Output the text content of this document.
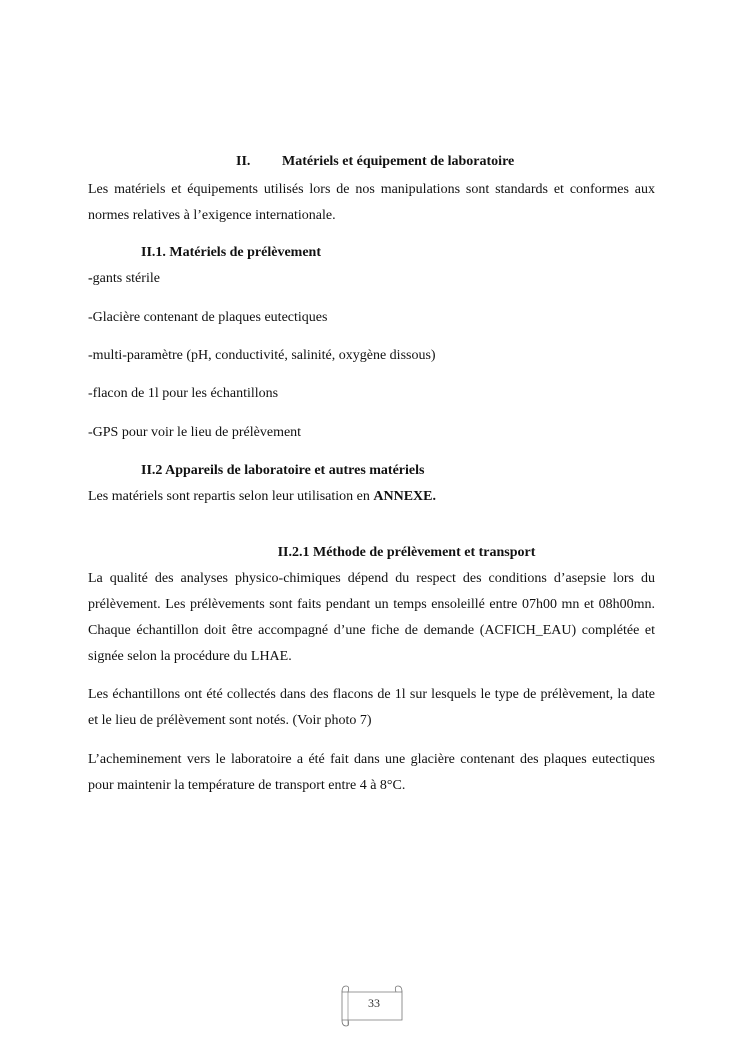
II. Matériels et équipement de laboratoire

Les matériels et équipements utilisés lors de nos manipulations sont standards et conformes aux normes relatives à l’exigence internationale.

II.1. Matériels de prélèvement
-gants stérile
-Glacière contenant de plaques eutectiques
-multi-paramètre (pH, conductivité, salinité, oxygène dissous)
-flacon de 1l pour les échantillons
-GPS pour voir le lieu de prélèvement
II.2 Appareils de laboratoire et autres matériels
Les matériels sont repartis selon leur utilisation en ANNEXE.
II.2.1 Méthode de prélèvement et transport

La qualité des analyses physico-chimiques dépend du respect des conditions d’asepsie lors du prélèvement. Les prélèvements sont faits pendant un temps ensoleillé entre 07h00 mn et 08h00mn. Chaque échantillon doit être accompagné d’une fiche de demande (ACFICH_EAU) complétée et signée selon la procédure du LHAE.

Les échantillons ont été collectés dans des flacons de 1l sur lesquels le type de prélèvement, la date et le lieu de prélèvement sont notés. (Voir photo 7)

L’acheminement vers le laboratoire a été fait dans une glacière contenant des plaques eutectiques pour maintenir la température de transport entre 4 à 8°C.

33
